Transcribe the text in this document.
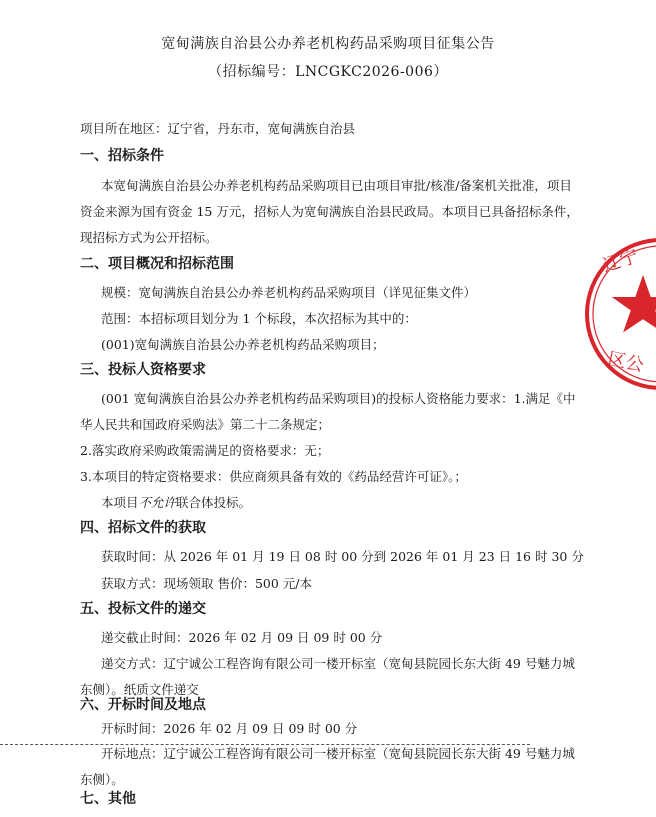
宽甸满族自治县公办养老机构药品采购项目征集公告
（招标编号：LNCGKC2026-006）
项目所在地区：辽宁省，丹东市，宽甸满族自治县
一、招标条件
本宽甸满族自治县公办养老机构药品采购项目已由项目审批/核准/备案机关批准，项目
资金来源为国有资金 15 万元，招标人为宽甸满族自治县民政局。本项目已具备招标条件，
现招标方式为公开招标。
二、项目概况和招标范围
规模：宽甸满族自治县公办养老机构药品采购项目（详见征集文件）
范围：本招标项目划分为 1 个标段，本次招标为其中的：
(001)宽甸满族自治县公办养老机构药品采购项目；
三、投标人资格要求
(001 宽甸满族自治县公办养老机构药品采购项目)的投标人资格能力要求：1.满足《中
华人民共和国政府采购法》第二十二条规定；
2.落实政府采购政策需满足的资格要求：无；
3.本项目的特定资格要求：供应商须具备有效的《药品经营许可证》。；
本项目不允许联合体投标。
四、招标文件的获取
获取时间：从 2026 年 01 月 19 日 08 时 00 分到 2026 年 01 月 23 日 16 时 30 分
获取方式：现场领取 售价：500 元/本
五、投标文件的递交
递交截止时间：2026 年 02 月 09 日 09 时 00 分
递交方式：辽宁诚公工程咨询有限公司一楼开标室（宽甸县院园长东大街 49 号魅力城
东侧）。纸质文件递交
六、开标时间及地点
开标时间：2026 年 02 月 09 日 09 时 00 分
开标地点：辽宁诚公工程咨询有限公司一楼开标室（宽甸县院园长东大街 49 号魅力城
东侧）。
七、其他
辽宁
区公
